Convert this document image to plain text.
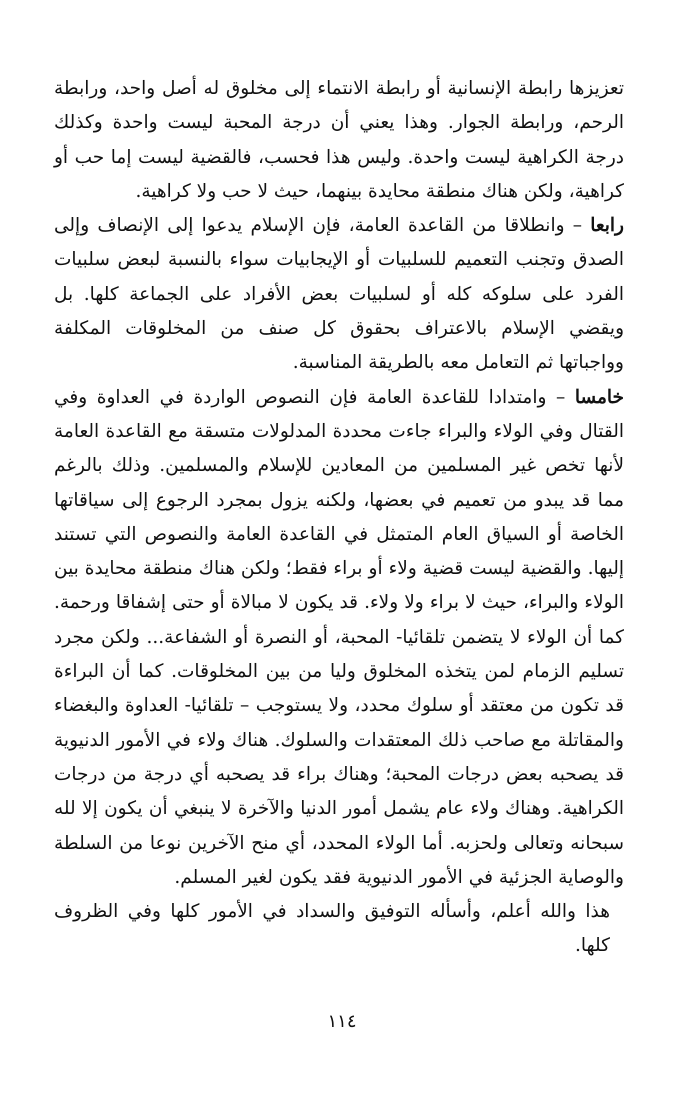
تعزيزها رابطة الإنسانية أو رابطة الانتماء إلى مخلوق له أصل واحد، ورابطة الرحم، ورابطة الجوار. وهذا يعني أن درجة المحبة ليست واحدة وكذلك درجة الكراهية ليست واحدة. وليس هذا فحسب، فالقضية ليست إما حب أو كراهية، ولكن هناك منطقة محايدة بينهما، حيث لا حب ولا كراهية.

رابعا – وانطلاقا من القاعدة العامة، فإن الإسلام يدعوا إلى الإنصاف وإلى الصدق وتجنب التعميم للسلبيات أو الإيجابيات سواء بالنسبة لبعض سلبيات الفرد على سلوكه كله أو لسلبيات بعض الأفراد على الجماعة كلها. بل ويقضي الإسلام بالاعتراف بحقوق كل صنف من المخلوقات المكلفة وواجباتها ثم التعامل معه بالطريقة المناسبة.

خامسا – وامتدادا للقاعدة العامة فإن النصوص الواردة في العداوة وفي القتال وفي الولاء والبراء جاءت محددة المدلولات متسقة مع القاعدة العامة لأنها تخص غير المسلمين من المعادين للإسلام والمسلمين. وذلك بالرغم مما قد يبدو من تعميم في بعضها، ولكنه يزول بمجرد الرجوع إلى سياقاتها الخاصة أو السياق العام المتمثل في القاعدة العامة والنصوص التي تستند إليها. والقضية ليست قضية ولاء أو براء فقط؛ ولكن هناك منطقة محايدة بين الولاء والبراء، حيث لا براء ولا ولاء. قد يكون لا مبالاة أو حتى إشفاقا ورحمة. كما أن الولاء لا يتضمن تلقائيا- المحبة، أو النصرة أو الشفاعة... ولكن مجرد تسليم الزمام لمن يتخذه المخلوق وليا من بين المخلوقات. كما أن البراءة قد تكون من معتقد أو سلوك محدد، ولا يستوجب – تلقائيا- العداوة والبغضاء والمقاتلة مع صاحب ذلك المعتقدات والسلوك. هناك ولاء في الأمور الدنيوية قد يصحبه بعض درجات المحبة؛ وهناك براء قد يصحبه أي درجة من درجات الكراهية. وهناك ولاء عام يشمل أمور الدنيا والآخرة لا ينبغي أن يكون إلا لله سبحانه وتعالى ولحزبه. أما الولاء المحدد، أي منح الآخرين نوعا من السلطة والوصاية الجزئية في الأمور الدنيوية فقد يكون لغير المسلم.

هذا والله أعلم، وأسأله التوفيق والسداد في الأمور كلها وفي الظروف كلها.

١١٤
